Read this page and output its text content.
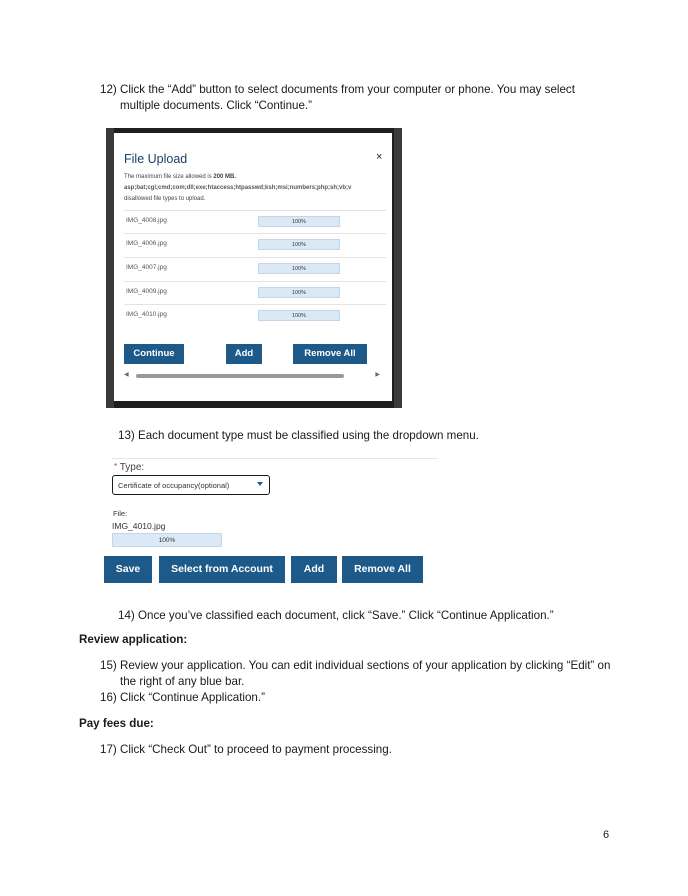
12) Click the “Add” button to select documents from your computer or phone. You may select
multiple documents. Click “Continue.”
File Upload	×
The maximum file size allowed is 200 MB.
asp;bat;cgi;cmd;com;dll;exe;htaccess;htpasswd;ksh;msi;numbers;php;sh;vb;v
disallowed file types to upload.
IMG_4008.jpg	100%
IMG_4006.jpg	100%
IMG_4007.jpg	100%
IMG_4009.jpg	100%
IMG_4010.jpg	100%
Continue	Add	Remove All
◀	▶
13) Each document type must be classified using the dropdown menu.
* Type:
Certificate of occupancy(optional)
File:
IMG_4010.jpg
100%
Save	Select from Account	Add	Remove All
14) Once you’ve classified each document, click “Save.” Click “Continue Application.”
Review application:
15) Review your application. You can edit individual sections of your application by clicking “Edit” on
the right of any blue bar.
16) Click “Continue Application.”
Pay fees due:
17) Click “Check Out” to proceed to payment processing.
6
